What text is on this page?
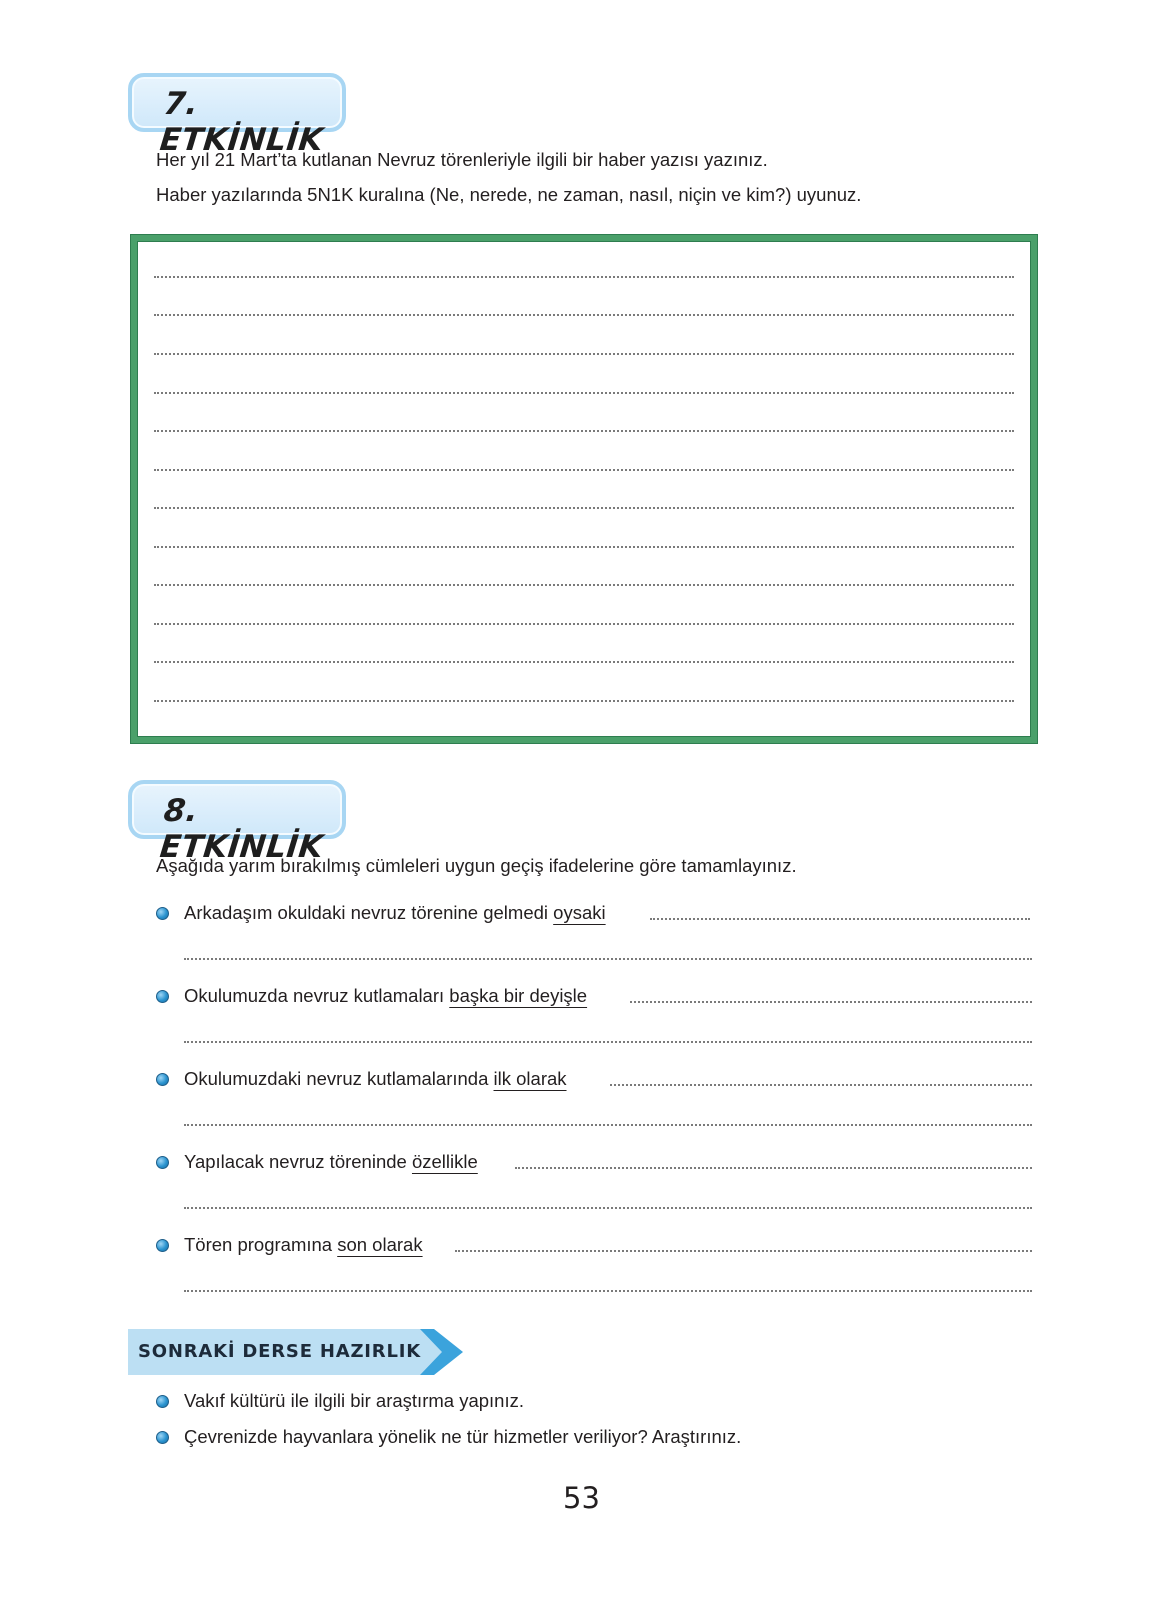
7. ETKİNLİK
Her yıl 21 Mart’ta kutlanan Nevruz törenleriyle ilgili bir haber yazısı yazınız.
Haber yazılarında 5N1K kuralına (Ne, nerede, ne zaman, nasıl, niçin ve kim?) uyunuz.
8. ETKİNLİK
Aşağıda yarım bırakılmış cümleleri uygun geçiş ifadelerine göre tamamlayınız.
Arkadaşım okuldaki nevruz törenine gelmedi oysaki
Okulumuzda nevruz kutlamaları başka bir deyişle
Okulumuzdaki nevruz kutlamalarında ilk olarak
Yapılacak nevruz töreninde özellikle
Tören programına son olarak
SONRAKİ DERSE HAZIRLIK
Vakıf kültürü ile ilgili bir araştırma yapınız.
Çevrenizde hayvanlara yönelik ne tür hizmetler veriliyor? Araştırınız.
53
